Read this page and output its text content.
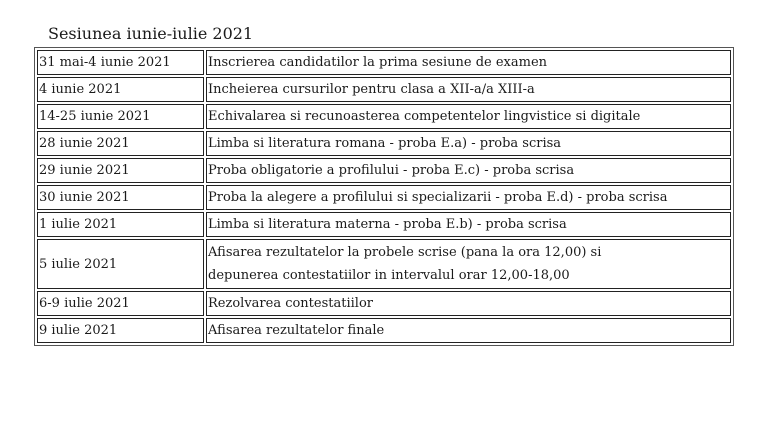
Sesiunea iunie-iulie 2021
31 mai-4 iunie 2021	Inscrierea candidatilor la prima sesiune de examen

4 iunie 2021	Incheierea cursurilor pentru clasa a XII-a/a XIII-a

14-25 iunie 2021	Echivalarea si recunoasterea competentelor lingvistice si digitale

28 iunie 2021	Limba si literatura romana - proba E.a) - proba scrisa

29 iunie 2021	Proba obligatorie a profilului - proba E.c) - proba scrisa

30 iunie 2021	Proba la alegere a profilului si specializarii - proba E.d) - proba scrisa

1 iulie 2021	Limba si literatura materna - proba E.b) - proba scrisa

5 iulie 2021	Afisarea rezultatelor la probele scrise (pana la ora 12,00) si
depunerea contestatiilor in intervalul orar 12,00-18,00

6-9 iulie 2021	Rezolvarea contestatiilor

9 iulie 2021	Afisarea rezultatelor finale
